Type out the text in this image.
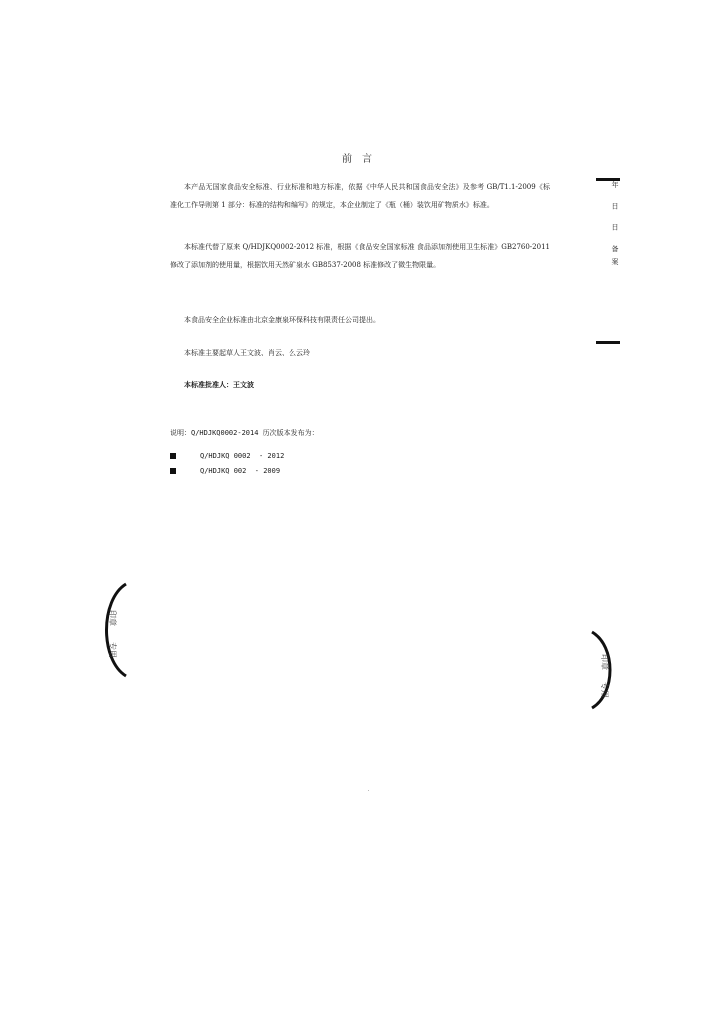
前言
本产品无国家食品安全标准、行业标准和地方标准，依据《中华人民共和国食品安全法》及参考 GB/T1.1-2009《标准化工作导则第 1 部分：标准的结构和编写》的规定，本企业制定了《瓶（桶）装饮用矿物质水》标准。
本标准代替了原来 Q/HDJKQ0002-2012 标准，根据《食品安全国家标准 食品添加剂使用卫生标准》GB2760-2011 修改了添加剂的使用量，根据饮用天然矿泉水 GB8537-2008 标准修改了微生物限量。
本食品安全企业标准由北京金康泉环保科技有限责任公司提出。
本标准主要起草人王文波、肖云、么云玲
本标准批准人：王文波
说明：Q/HDJKQ0002-2014 历次版本发布为：
Q/HDJKQ 0002  - 2012
Q/HDJKQ 002  - 2009
年 日 日 备案
印章
专用
印章
专用
